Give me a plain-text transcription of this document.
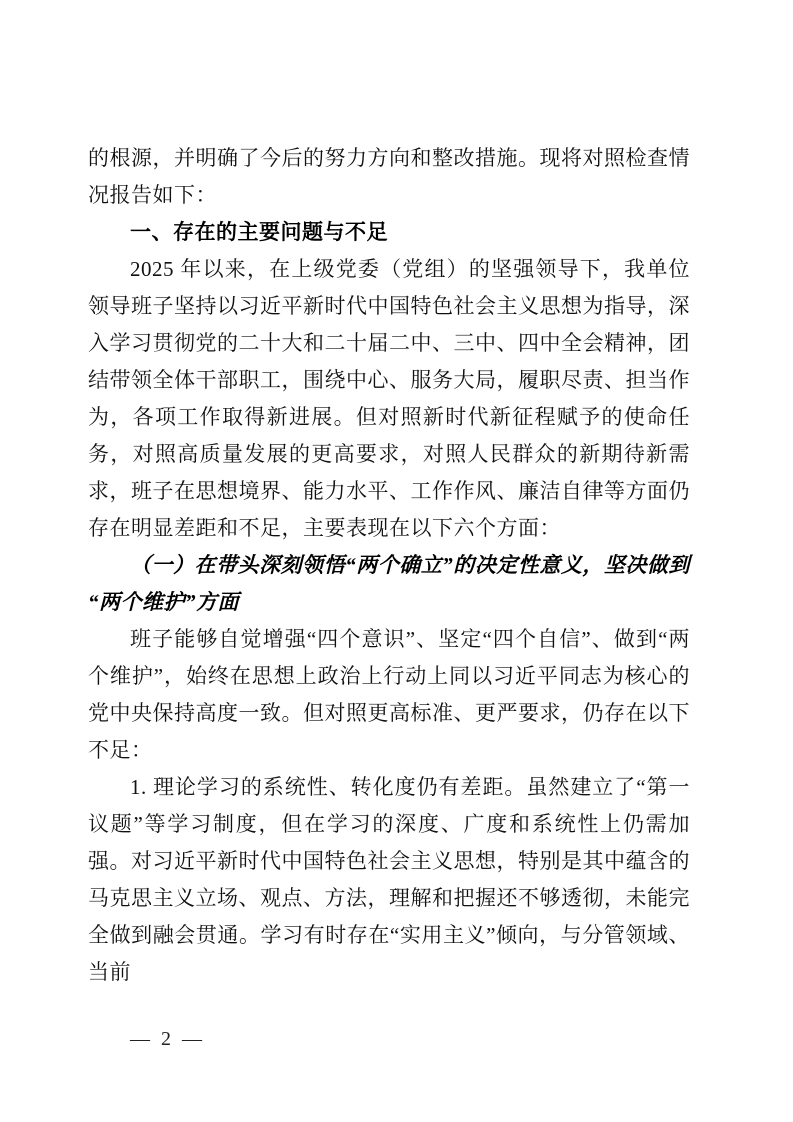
的根源，并明确了今后的努力方向和整改措施。现将对照检查情况报告如下：

一、存在的主要问题与不足

2025 年以来，在上级党委（党组）的坚强领导下，我单位领导班子坚持以习近平新时代中国特色社会主义思想为指导，深入学习贯彻党的二十大和二十届二中、三中、四中全会精神，团结带领全体干部职工，围绕中心、服务大局，履职尽责、担当作为，各项工作取得新进展。但对照新时代新征程赋予的使命任务，对照高质量发展的更高要求，对照人民群众的新期待新需求，班子在思想境界、能力水平、工作作风、廉洁自律等方面仍存在明显差距和不足，主要表现在以下六个方面：

（一）在带头深刻领悟“两个确立”的决定性意义，坚决做到“两个维护”方面

班子能够自觉增强“四个意识”、坚定“四个自信”、做到“两个维护”，始终在思想上政治上行动上同以习近平同志为核心的党中央保持高度一致。但对照更高标准、更严要求，仍存在以下不足：

1. 理论学习的系统性、转化度仍有差距。虽然建立了“第一议题”等学习制度，但在学习的深度、广度和系统性上仍需加强。对习近平新时代中国特色社会主义思想，特别是其中蕴含的马克思主义立场、观点、方法，理解和把握还不够透彻，未能完全做到融会贯通。学习有时存在“实用主义”倾向，与分管领域、当前

— 2 —
